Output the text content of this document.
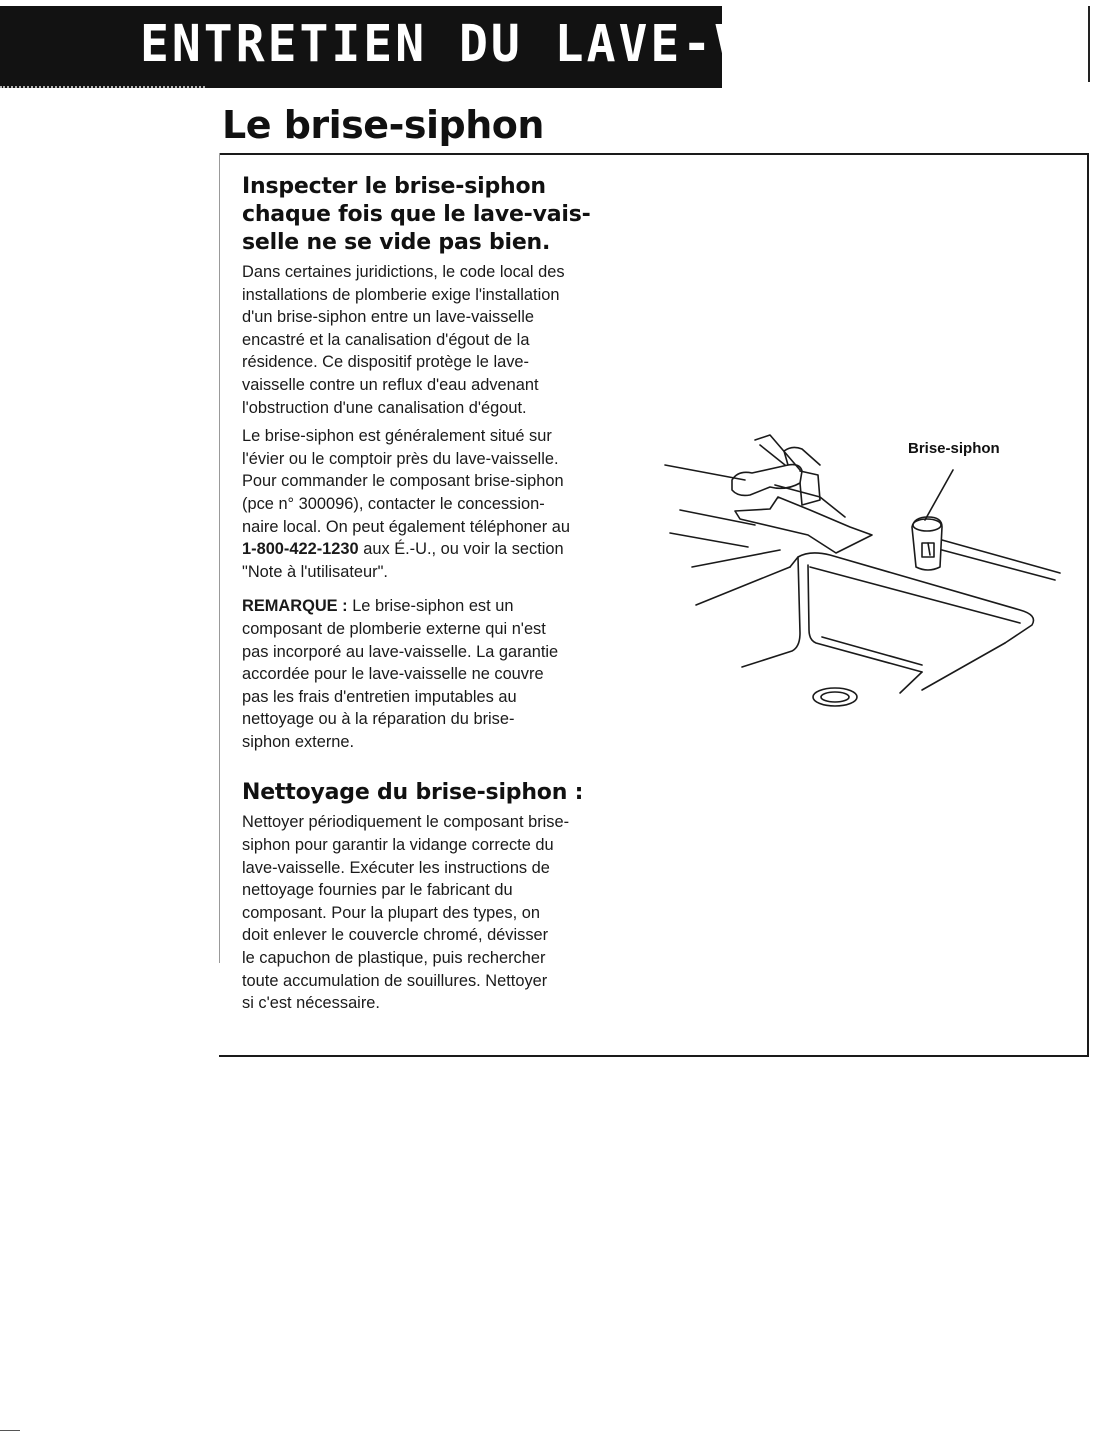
ENTRETIEN DU LAVE-VAISSELLE
Le brise-siphon
Inspecter le brise-siphon
chaque fois que le lave-vais-
selle ne se vide pas bien.

Dans certaines juridictions, le code local des
installations de plomberie exige l'installation
d'un brise-siphon entre un lave-vaisselle
encastré et la canalisation d'égout de la
résidence. Ce dispositif protège le lave-
vaisselle contre un reflux d'eau advenant
l'obstruction d'une canalisation d'égout.

Le brise-siphon est généralement situé sur
l'évier ou le comptoir près du lave-vaisselle.
Pour commander le composant brise-siphon
(pce n° 300096), contacter le concession-
naire local. On peut également téléphoner au
1-800-422-1230 aux É.-U., ou voir la section
"Note à l'utilisateur".

REMARQUE : Le brise-siphon est un
composant de plomberie externe qui n'est
pas incorporé au lave-vaisselle. La garantie
accordée pour le lave-vaisselle ne couvre
pas les frais d'entretien imputables au
nettoyage ou à la réparation du brise-
siphon externe.

Nettoyage du brise-siphon :

Nettoyer périodiquement le composant brise-
siphon pour garantir la vidange correcte du
lave-vaisselle. Exécuter les instructions de
nettoyage fournies par le fabricant du
composant. Pour la plupart des types, on
doit enlever le couvercle chromé, dévisser
le capuchon de plastique, puis rechercher
toute accumulation de souillures. Nettoyer
si c'est nécessaire.

Brise-siphon
